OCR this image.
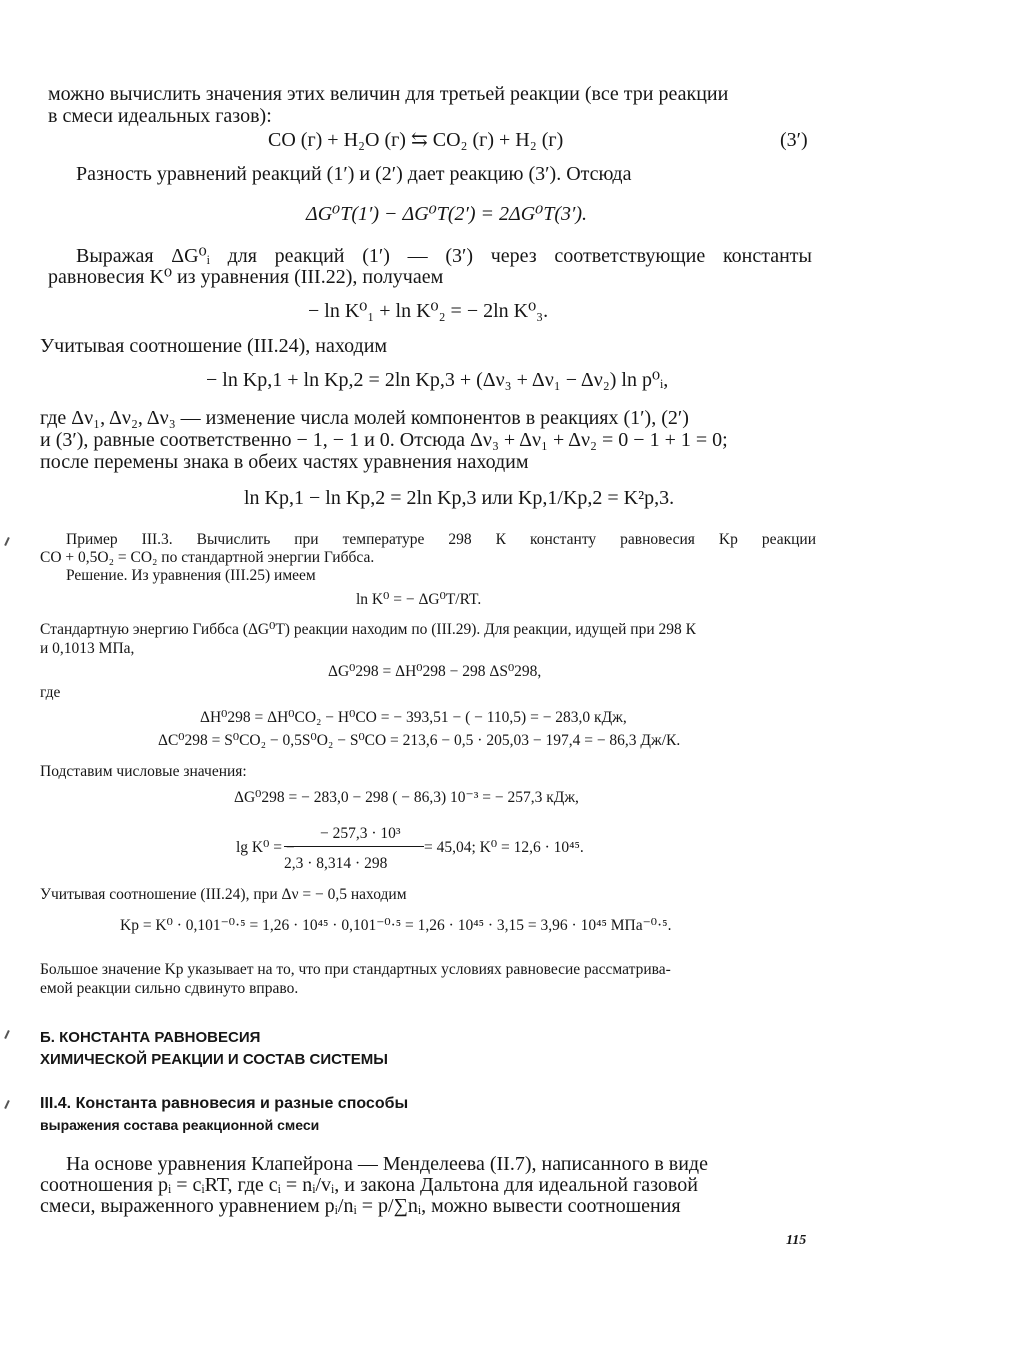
можно вычислить значения этих величин для третьей реакции (все три реакции
в смеси идеальных газов):
CO (г) + H₂O (г) ⇆ CO₂ (г) + H₂ (г)	(3′)
Разность уравнений реакций (1′) и (2′) дает реакцию (3′). Отсюда
ΔG⁰T(1′) − ΔG⁰T(2′) = 2ΔG⁰T(3′).
Выражая ΔG⁰ᵢ для реакций (1′) — (3′) через соответствующие константы
равновесия K⁰ из уравнения (III.22), получаем
− ln K⁰₁ + ln K⁰₂ = − 2ln K⁰₃.
Учитывая соотношение (III.24), находим
− ln Kp,1 + ln Kp,2 = 2ln Kp,3 + (Δν₃ + Δν₁ − Δν₂) ln p⁰ᵢ,
где Δν₁, Δν₂, Δν₃ — изменение числа молей компонентов в реакциях (1′), (2′)
и (3′), равные соответственно − 1, − 1 и 0. Отсюда Δν₃ + Δν₁ + Δν₂ = 0 − 1 + 1 = 0;
после перемены знака в обеих частях уравнения находим
ln Kp,1 − ln Kp,2 = 2ln Kp,3 или Kp,1/Kp,2 = K²p,3.
Пример III.3. Вычислить при температуре 298 К константу равновесия Kp реакции
CO + 0,5O₂ = CO₂ по стандартной энергии Гиббса.
Решение. Из уравнения (III.25) имеем
ln K⁰ = − ΔG⁰T/RT.
Стандартную энергию Гиббса (ΔG⁰T) реакции находим по (III.29). Для реакции, идущей при 298 К
и 0,1013 МПа,
ΔG⁰298 = ΔH⁰298 − 298 ΔS⁰298,
где
ΔH⁰298 = ΔH⁰CO₂ − H⁰CO = − 393,51 − ( − 110,5) = − 283,0 кДж,
ΔC⁰298 = S⁰CO₂ − 0,5S⁰O₂ − S⁰CO = 213,6 − 0,5 · 205,03 − 197,4 = − 86,3 Дж/К.
Подставим числовые значения:
ΔG⁰298 = − 283,0 − 298 ( − 86,3) 10⁻³ = − 257,3 кДж,
− 257,3 · 10³
lg K⁰ = −
2,3 · 8,314 · 298
= 45,04; K⁰ = 12,6 · 10⁴⁵.
Учитывая соотношение (III.24), при Δν = − 0,5 находим
Kp = K⁰ · 0,101⁻⁰·⁵ = 1,26 · 10⁴⁵ · 0,101⁻⁰·⁵ = 1,26 · 10⁴⁵ · 3,15 = 3,96 · 10⁴⁵ МПа⁻⁰·⁵.
Большое значение Kp указывает на то, что при стандартных условиях равновесие рассматрива-
емой реакции сильно сдвинуто вправо.
Б. КОНСТАНТА РАВНОВЕСИЯ
ХИМИЧЕСКОЙ РЕАКЦИИ И СОСТАВ СИСТЕМЫ
III.4. Константа равновесия и разные способы
выражения состава реакционной смеси
На основе уравнения Клапейрона — Менделеева (II.7), написанного в виде
соотношения pᵢ = cᵢRT, где cᵢ = nᵢ/vᵢ, и закона Дальтона для идеальной газовой
смеси, выраженного уравнением pᵢ/nᵢ = p/∑nᵢ, можно вывести соотношения
115
